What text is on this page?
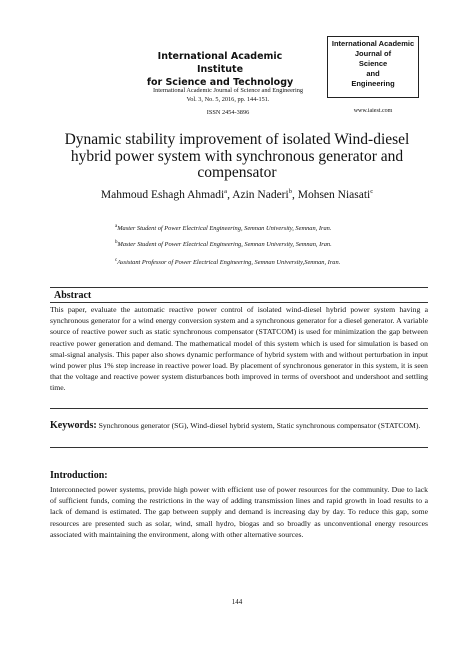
International Academic Institute
for Science and Technology
International Academic Journal of Science and Engineering
Vol. 3, No. 5, 2016, pp. 144-151.
ISSN 2454-3896
International Academic
Journal of
Science
and
Engineering
www.iaiest.com
Dynamic stability improvement of isolated Wind-diesel
hybrid power system with synchronous generator and
compensator
Mahmoud Eshagh Ahmadi$^a$, Azin Naderi$^b$, Mohsen Niasati$^c$
$^a$Master Student of Power Electrical Engineering, Semnan University, Semnan, Iran.
$^b$Master Student of Power Electrical Engineering, Semnan University, Semnan, Iran.
$^c$Assistant Professor of Power Electrical Engineering, Semnan University,Semnan, Iran.
Abstract
This paper, evaluate the automatic reactive power control of isolated wind-diesel hybrid power system having a synchronous generator for a wind energy conversion system and a synchronous generator for a diesel generator. A variable source of reactive power such as static synchronous compensator (STATCOM) is used for minimization the gap between reactive power generation and demand. The mathematical model of this system which is used for simulation is based on smal-signal analysis. This paper also shows dynamic performance of hybrid system with and without perturbation in input wind power plus 1% step increase in reactive power load. By placement of synchronous generator in this system, it is seen that the voltage and reactive power system disturbances both improved in terms of overshoot and undershoot and settling time.
Keywords: Synchronous generator (SG), Wind-diesel hybrid system, Static synchronous compensator (STATCOM).
Introduction:
Interconnected power systems, provide high power with efficient use of power resources for the community. Due to lack of sufficient funds, coming the restrictions in the way of adding transmission lines and rapid growth in load results to a lack of demand is estimated. The gap between supply and demand is increasing day by day. To reduce this gap, some resources are presented such as solar, wind, small hydro, biogas and so broadly as unconventional energy resources associated with maintaining the environment, along with other alternative sources.
144
